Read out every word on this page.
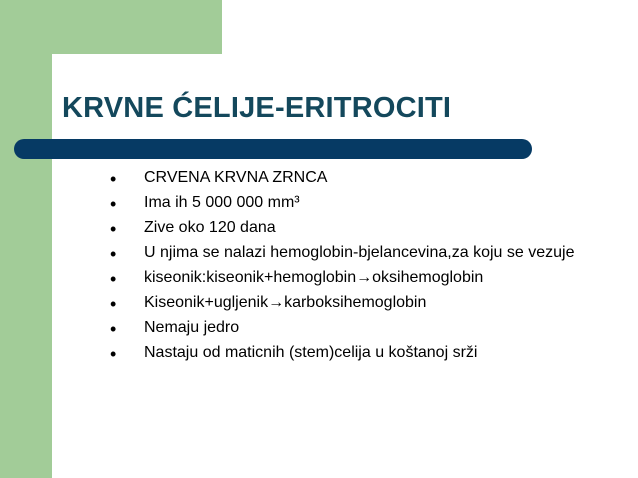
KRVNE ĆELIJE-ERITROCITI
• CRVENA KRVNA ZRNCA
• Ima ih 5 000 000 mm³
• Zive oko 120 dana
• U njima se nalazi hemoglobin-bjelancevina,za koju se vezuje
• kiseonik:kiseonik+hemoglobin→oksihemoglobin
• Kiseonik+ugljenik→karboksihemoglobin
• Nemaju jedro
• Nastaju od maticnih (stem)celija u koštanoj srži
